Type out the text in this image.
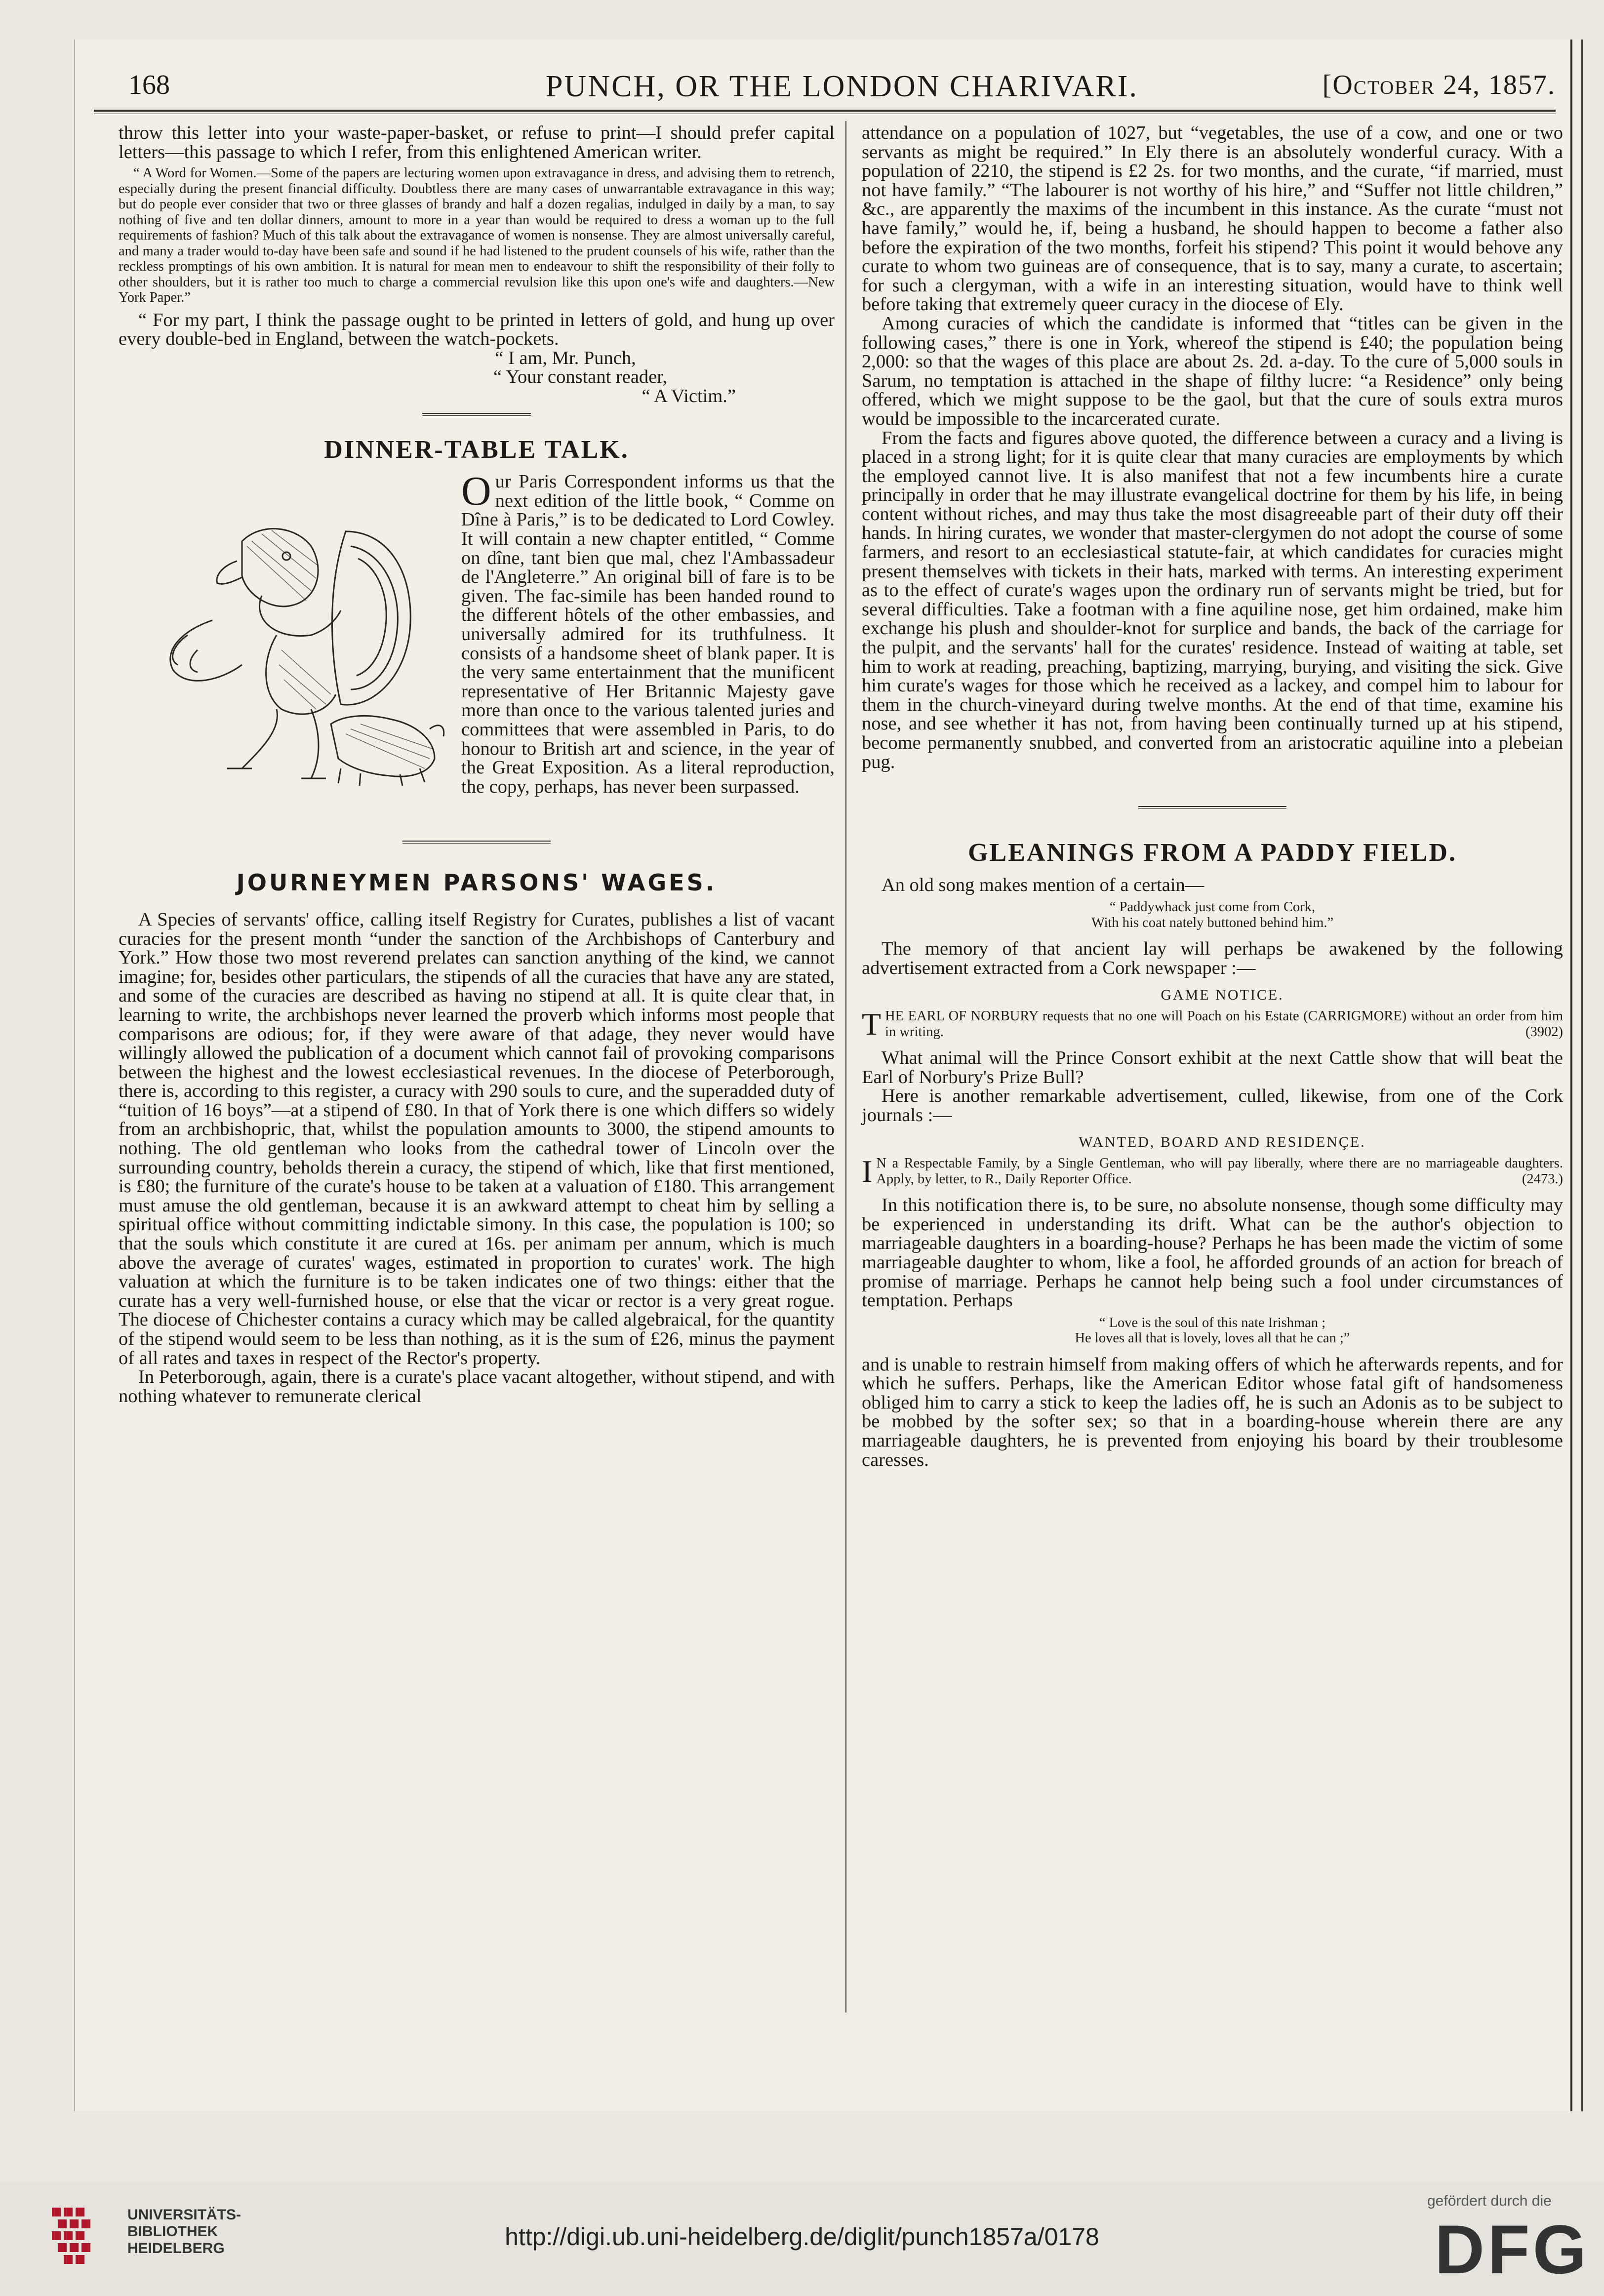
168	PUNCH, OR THE LONDON CHARIVARI.	[October 24, 1857.

throw this letter into your waste-paper-basket, or refuse to print—I should prefer capital letters—this passage to which I refer, from this enlightened American writer.

“ A Word for Women.—Some of the papers are lecturing women upon extravagance in dress, and advising them to retrench, especially during the present financial difficulty. Doubtless there are many cases of unwarrantable extravagance in this way; but do people ever consider that two or three glasses of brandy and half a dozen regalias, indulged in daily by a man, to say nothing of five and ten dollar dinners, amount to more in a year than would be required to dress a woman up to the full requirements of fashion? Much of this talk about the extravagance of women is nonsense. They are almost universally careful, and many a trader would to-day have been safe and sound if he had listened to the prudent counsels of his wife, rather than the reckless promptings of his own ambition. It is natural for mean men to endeavour to shift the responsibility of their folly to other shoulders, but it is rather too much to charge a commercial revulsion like this upon one's wife and daughters.—New York Paper.”

“ For my part, I think the passage ought to be printed in letters of gold, and hung up over every double-bed in England, between the watch-pockets.

“ I am, Mr. Punch,

“ Your constant reader,

“ A Victim.”

DINNER-TABLE TALK.

Our Paris Correspondent informs us that the next edition of the little book, “ Comme on Dîne à Paris,” is to be dedicated to Lord Cowley. It will contain a new chapter entitled, “ Comme on dîne, tant bien que mal, chez l'Ambassadeur de l'Angleterre.” An original bill of fare is to be given. The fac-simile has been handed round to the different hôtels of the other embassies, and universally admired for its truthfulness. It consists of a handsome sheet of blank paper. It is the very same entertainment that the munificent representative of Her Britannic Majesty gave more than once to the various talented juries and committees that were assembled in Paris, to do honour to British art and science, in the year of the Great Exposition. As a literal reproduction, the copy, perhaps, has never been surpassed.

JOURNEYMEN PARSONS' WAGES.

A Species of servants' office, calling itself Registry for Curates, publishes a list of vacant curacies for the present month “under the sanction of the Archbishops of Canterbury and York.” How those two most reverend prelates can sanction anything of the kind, we cannot imagine; for, besides other particulars, the stipends of all the curacies that have any are stated, and some of the curacies are described as having no stipend at all. It is quite clear that, in learning to write, the archbishops never learned the proverb which informs most people that comparisons are odious; for, if they were aware of that adage, they never would have willingly allowed the publication of a document which cannot fail of provoking comparisons between the highest and the lowest ecclesiastical revenues. In the diocese of Peterborough, there is, according to this register, a curacy with 290 souls to cure, and the superadded duty of “tuition of 16 boys”—at a stipend of £80. In that of York there is one which differs so widely from an archbishopric, that, whilst the population amounts to 3000, the stipend amounts to nothing. The old gentleman who looks from the cathedral tower of Lincoln over the surrounding country, beholds therein a curacy, the stipend of which, like that first mentioned, is £80; the furniture of the curate's house to be taken at a valuation of £180. This arrangement must amuse the old gentleman, because it is an awkward attempt to cheat him by selling a spiritual office without committing indictable simony. In this case, the population is 100; so that the souls which constitute it are cured at 16s. per animam per annum, which is much above the average of curates' wages, estimated in proportion to curates' work. The high valuation at which the furniture is to be taken indicates one of two things: either that the curate has a very well-furnished house, or else that the vicar or rector is a very great rogue. The diocese of Chichester contains a curacy which may be called algebraical, for the quantity of the stipend would seem to be less than nothing, as it is the sum of £26, minus the payment of all rates and taxes in respect of the Rector's property.

In Peterborough, again, there is a curate's place vacant altogether, without stipend, and with nothing whatever to remunerate clerical

attendance on a population of 1027, but “vegetables, the use of a cow, and one or two servants as might be required.” In Ely there is an absolutely wonderful curacy. With a population of 2210, the stipend is £2 2s. for two months, and the curate, “if married, must not have family.” “The labourer is not worthy of his hire,” and “Suffer not little children,” &c., are apparently the maxims of the incumbent in this instance. As the curate “must not have family,” would he, if, being a husband, he should happen to become a father also before the expiration of the two months, forfeit his stipend? This point it would behove any curate to whom two guineas are of consequence, that is to say, many a curate, to ascertain; for such a clergyman, with a wife in an interesting situation, would have to think well before taking that extremely queer curacy in the diocese of Ely.

Among curacies of which the candidate is informed that “titles can be given in the following cases,” there is one in York, whereof the stipend is £40; the population being 2,000: so that the wages of this place are about 2s. 2d. a-day. To the cure of 5,000 souls in Sarum, no temptation is attached in the shape of filthy lucre: “a Residence” only being offered, which we might suppose to be the gaol, but that the cure of souls extra muros would be impossible to the incarcerated curate.

From the facts and figures above quoted, the difference between a curacy and a living is placed in a strong light; for it is quite clear that many curacies are employments by which the employed cannot live. It is also manifest that not a few incumbents hire a curate principally in order that he may illustrate evangelical doctrine for them by his life, in being content without riches, and may thus take the most disagreeable part of their duty off their hands. In hiring curates, we wonder that master-clergymen do not adopt the course of some farmers, and resort to an ecclesiastical statute-fair, at which candidates for curacies might present themselves with tickets in their hats, marked with terms. An interesting experiment as to the effect of curate's wages upon the ordinary run of servants might be tried, but for several difficulties. Take a footman with a fine aquiline nose, get him ordained, make him exchange his plush and shoulder-knot for surplice and bands, the back of the carriage for the pulpit, and the servants' hall for the curates' residence. Instead of waiting at table, set him to work at reading, preaching, baptizing, marrying, burying, and visiting the sick. Give him curate's wages for those which he received as a lackey, and compel him to labour for them in the church-vineyard during twelve months. At the end of that time, examine his nose, and see whether it has not, from having been continually turned up at his stipend, become permanently snubbed, and converted from an aristocratic aquiline into a plebeian pug.

GLEANINGS FROM A PADDY FIELD.

An old song makes mention of a certain—

“ Paddywhack just come from Cork,

With his coat nately buttoned behind him.”

The memory of that ancient lay will perhaps be awakened by the following advertisement extracted from a Cork newspaper :—

GAME NOTICE.

THE EARL OF NORBURY requests that no one will Poach on his Estate (CARRIGMORE) without an order from him in writing.	(3902)

What animal will the Prince Consort exhibit at the next Cattle show that will beat the Earl of Norbury's Prize Bull?

Here is another remarkable advertisement, culled, likewise, from one of the Cork journals :—

WANTED, BOARD AND RESIDENÇE.

I N a Respectable Family, by a Single Gentleman, who will pay liberally, where there are no marriageable daughters. Apply, by letter, to R., Daily Reporter Office.	(2473.)

In this notification there is, to be sure, no absolute nonsense, though some difficulty may be experienced in understanding its drift. What can be the author's objection to marriageable daughters in a boarding-house? Perhaps he has been made the victim of some marriageable daughter to whom, like a fool, he afforded grounds of an action for breach of promise of marriage. Perhaps he cannot help being such a fool under circumstances of temptation. Perhaps

“ Love is the soul of this nate Irishman ;

He loves all that is lovely, loves all that he can ;”

and is unable to restrain himself from making offers of which he afterwards repents, and for which he suffers. Perhaps, like the American Editor whose fatal gift of handsomeness obliged him to carry a stick to keep the ladies off, he is such an Adonis as to be subject to be mobbed by the softer sex; so that in a boarding-house wherein there are any marriageable daughters, he is prevented from enjoying his board by their troublesome caresses.

UNIVERSITÄTS-
BIBLIOTHEK
HEIDELBERG	http://digi.ub.uni-heidelberg.de/diglit/punch1857a/0178
gefördert durch die
DFG
